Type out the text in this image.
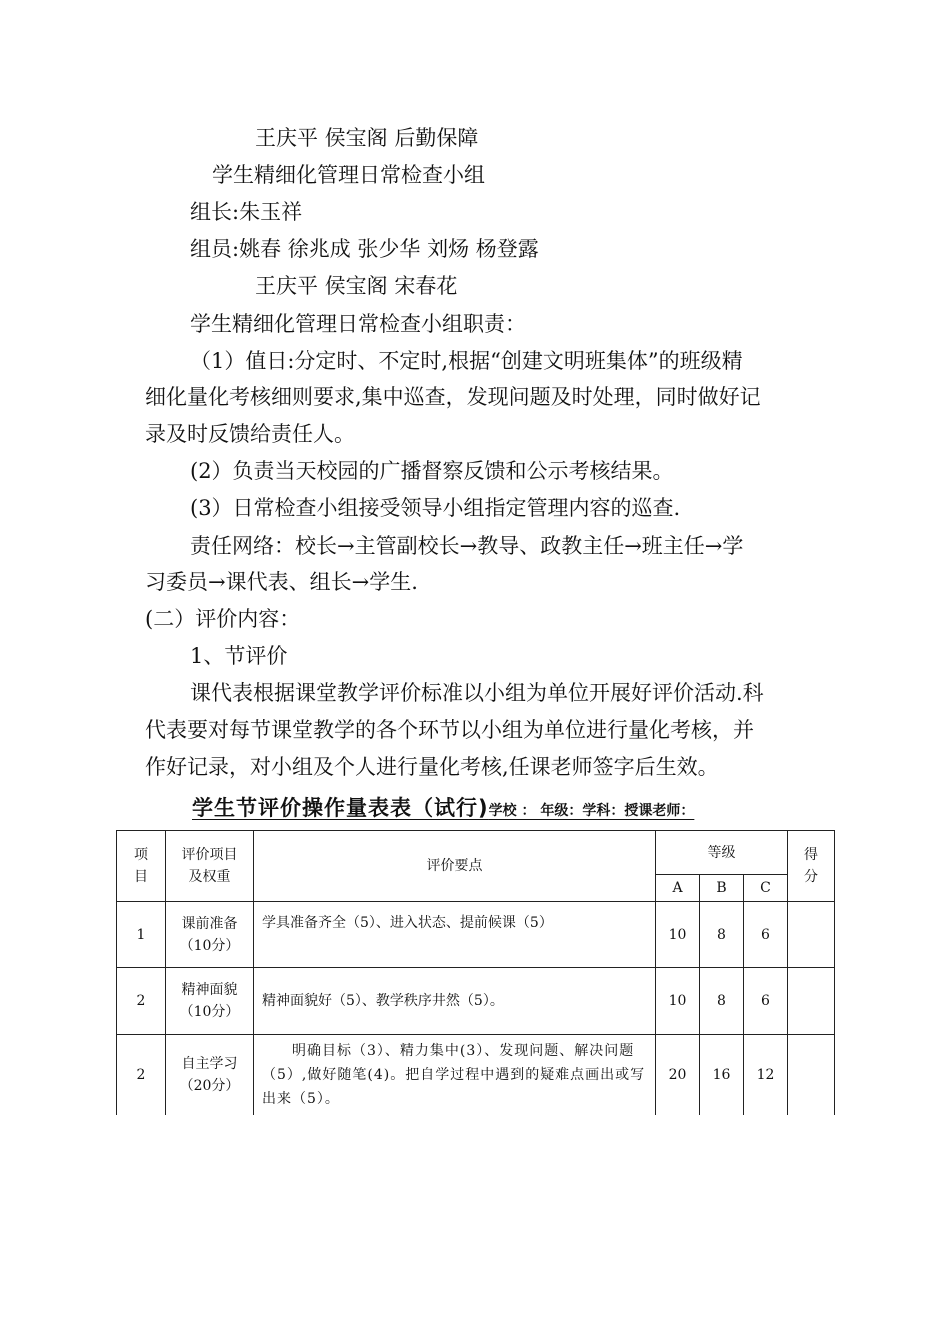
王庆平 侯宝阁 后勤保障
学生精细化管理日常检查小组
组长:朱玉祥
组员:姚春 徐兆成 张少华 刘炀 杨登露
王庆平 侯宝阁 宋春花
学生精细化管理日常检查小组职责：
（1）值日:分定时、不定时,根据“创建文明班集体”的班级精
细化量化考核细则要求,集中巡查，发现问题及时处理，同时做好记
录及时反馈给责任人。
(2）负责当天校园的广播督察反馈和公示考核结果。
(3）日常检查小组接受领导小组指定管理内容的巡查.
责任网络：校长→主管副校长→教导、政教主任→班主任→学
习委员→课代表、组长→学生.
(二）评价内容：
1、节评价
课代表根据课堂教学评价标准以小组为单位开展好评价活动.科
代表要对每节课堂教学的各个环节以小组为单位进行量化考核，并
作好记录，对小组及个人进行量化考核,任课老师签字后生效。
学生节评价操作量表表（试行)学校 ： 年级：学科：授课老师：
项目	评价项目及权重	评价要点	等级			得分
			A	B	C	
1	课前准备
（10分）	学具准备齐全（5）、进入状态、提前候课（5）	10	8	6	
2	精神面貌
（10分）	精神面貌好（5）、教学秩序井然（5）。	10	8	6	
2	自主学习
（20分）	明确目标（3）、精力集中(3）、发现问题、解决问题（5）,做好随笔(4)。把自学过程中遇到的疑难点画出或写出来（5）。	20	16	12	
